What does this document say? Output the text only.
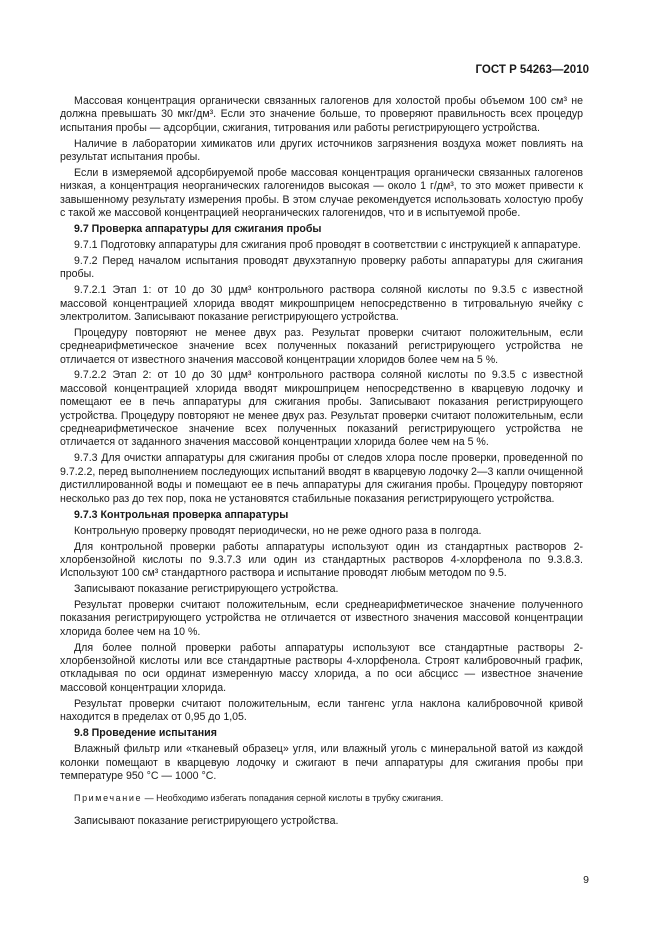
ГОСТ Р 54263—2010

Массовая концентрация органически связанных галогенов для холостой пробы объемом 100 см³ не должна превышать 30 мкг/дм³. Если это значение больше, то проверяют правильность всех процедур испытания пробы — адсорбции, сжигания, титрования или работы регистрирующего устройства.

Наличие в лаборатории химикатов или других источников загрязнения воздуха может повлиять на результат испытания пробы.

Если в измеряемой адсорбируемой пробе массовая концентрация органически связанных галогенов низкая, а концентрация неорганических галогенидов высокая — около 1 г/дм³, то это может привести к завышенному результату измерения пробы. В этом случае рекомендуется использовать холостую пробу с такой же массовой концентрацией неорганических галогенидов, что и в испытуемой пробе.

9.7 Проверка аппаратуры для сжигания пробы

9.7.1 Подготовку аппаратуры для сжигания проб проводят в соответствии с инструкцией к аппаратуре.

9.7.2 Перед началом испытания проводят двухэтапную проверку работы аппаратуры для сжигания пробы.

9.7.2.1 Этап 1: от 10 до 30 μдм³ контрольного раствора соляной кислоты по 9.3.5 с известной массовой концентрацией хлорида вводят микрошприцем непосредственно в титровальную ячейку с электролитом. Записывают показание регистрирующего устройства.

Процедуру повторяют не менее двух раз. Результат проверки считают положительным, если среднеарифметическое значение всех полученных показаний регистрирующего устройства не отличается от известного значения массовой концентрации хлоридов более чем на 5 %.

9.7.2.2 Этап 2: от 10 до 30 μдм³ контрольного раствора соляной кислоты по 9.3.5 с известной массовой концентрацией хлорида вводят микрошприцем непосредственно в кварцевую лодочку и помещают ее в печь аппаратуры для сжигания пробы. Записывают показания регистрирующего устройства. Процедуру повторяют не менее двух раз. Результат проверки считают положительным, если среднеарифметическое значение всех полученных показаний регистрирующего устройства не отличается от заданного значения массовой концентрации хлорида более чем на 5 %.

9.7.3 Для очистки аппаратуры для сжигания пробы от следов хлора после проверки, проведенной по 9.7.2.2, перед выполнением последующих испытаний вводят в кварцевую лодочку 2—3 капли очищенной дистиллированной воды и помещают ее в печь аппаратуры для сжигания пробы. Процедуру повторяют несколько раз до тех пор, пока не установятся стабильные показания регистрирующего устройства.

9.7.3 Контрольная проверка аппаратуры

Контрольную проверку проводят периодически, но не реже одного раза в полгода.

Для контрольной проверки работы аппаратуры используют один из стандартных растворов 2-хлорбензойной кислоты по 9.3.7.3 или один из стандартных растворов 4-хлорфенола по 9.3.8.3. Используют 100 см³ стандартного раствора и испытание проводят любым методом по 9.5.

Записывают показание регистрирующего устройства.

Результат проверки считают положительным, если среднеарифметическое значение полученного показания регистрирующего устройства не отличается от известного значения массовой концентрации хлорида более чем на 10 %.

Для более полной проверки работы аппаратуры используют все стандартные растворы 2-хлорбензойной кислоты или все стандартные растворы 4-хлорфенола. Строят калибровочный график, откладывая по оси ординат измеренную массу хлорида, а по оси абсцисс — известное значение массовой концентрации хлорида.

Результат проверки считают положительным, если тангенс угла наклона калибровочной кривой находится в пределах от 0,95 до 1,05.

9.8 Проведение испытания

Влажный фильтр или «тканевый образец» угля, или влажный уголь с минеральной ватой из каждой колонки помещают в кварцевую лодочку и сжигают в печи аппаратуры для сжигания пробы при температуре 950 °С — 1000 °С.

Примечание — Необходимо избегать попадания серной кислоты в трубку сжигания.

Записывают показание регистрирующего устройства.

9
